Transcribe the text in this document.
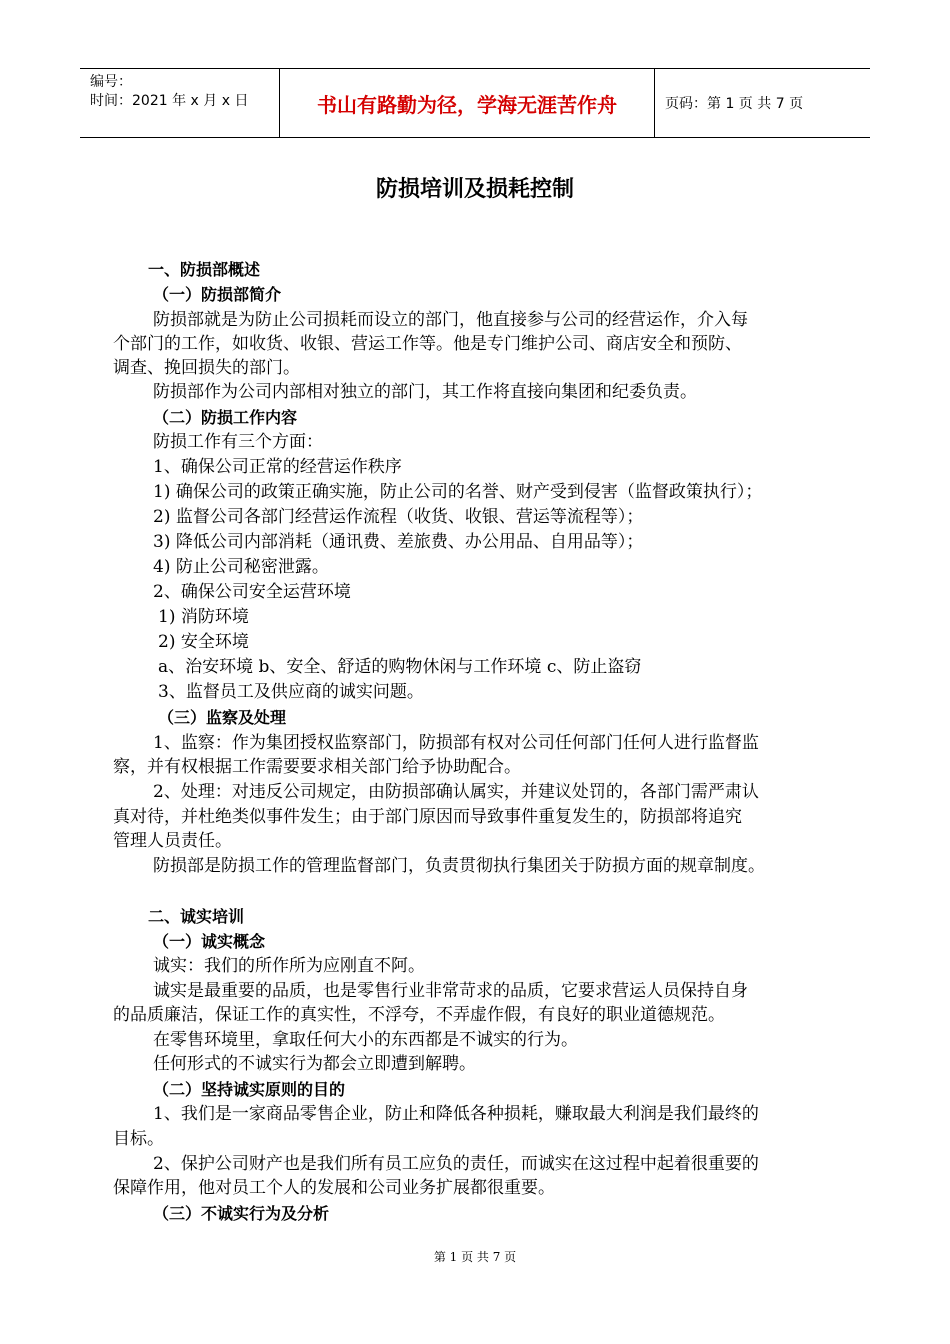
编号：
时间：2021 年 x 月 x 日	书山有路勤为径，学海无涯苦作舟	页码：第 1 页 共 7 页
防损培训及损耗控制
一、防损部概述
（一）防损部简介
防损部就是为防止公司损耗而设立的部门，他直接参与公司的经营运作，介入每
个部门的工作，如收货、收银、营运工作等。他是专门维护公司、商店安全和预防、
调查、挽回损失的部门。
防损部作为公司内部相对独立的部门，其工作将直接向集团和纪委负责。
（二）防损工作内容
防损工作有三个方面：
1、确保公司正常的经营运作秩序
1) 确保公司的政策正确实施，防止公司的名誉、财产受到侵害（监督政策执行）；
2) 监督公司各部门经营运作流程（收货、收银、营运等流程等）；
3) 降低公司内部消耗（通讯费、差旅费、办公用品、自用品等）；
4) 防止公司秘密泄露。
2、确保公司安全运营环境
1) 消防环境
2) 安全环境
a、治安环境 b、安全、舒适的购物休闲与工作环境 c、防止盗窃
3、监督员工及供应商的诚实问题。
（三）监察及处理
1、监察：作为集团授权监察部门，防损部有权对公司任何部门任何人进行监督监
察，并有权根据工作需要要求相关部门给予协助配合。
2、处理：对违反公司规定，由防损部确认属实，并建议处罚的，各部门需严肃认
真对待，并杜绝类似事件发生；由于部门原因而导致事件重复发生的，防损部将追究
管理人员责任。
防损部是防损工作的管理监督部门，负责贯彻执行集团关于防损方面的规章制度。
二、诚实培训
（一）诚实概念
诚实：我们的所作所为应刚直不阿。
诚实是最重要的品质，也是零售行业非常苛求的品质，它要求营运人员保持自身
的品质廉洁，保证工作的真实性，不浮夸，不弄虚作假，有良好的职业道德规范。
在零售环境里，拿取任何大小的东西都是不诚实的行为。
任何形式的不诚实行为都会立即遭到解聘。
（二）坚持诚实原则的目的
1、我们是一家商品零售企业，防止和降低各种损耗，赚取最大利润是我们最终的
目标。
2、保护公司财产也是我们所有员工应负的责任，而诚实在这过程中起着很重要的
保障作用，他对员工个人的发展和公司业务扩展都很重要。
（三）不诚实行为及分析
第 1 页 共 7 页
